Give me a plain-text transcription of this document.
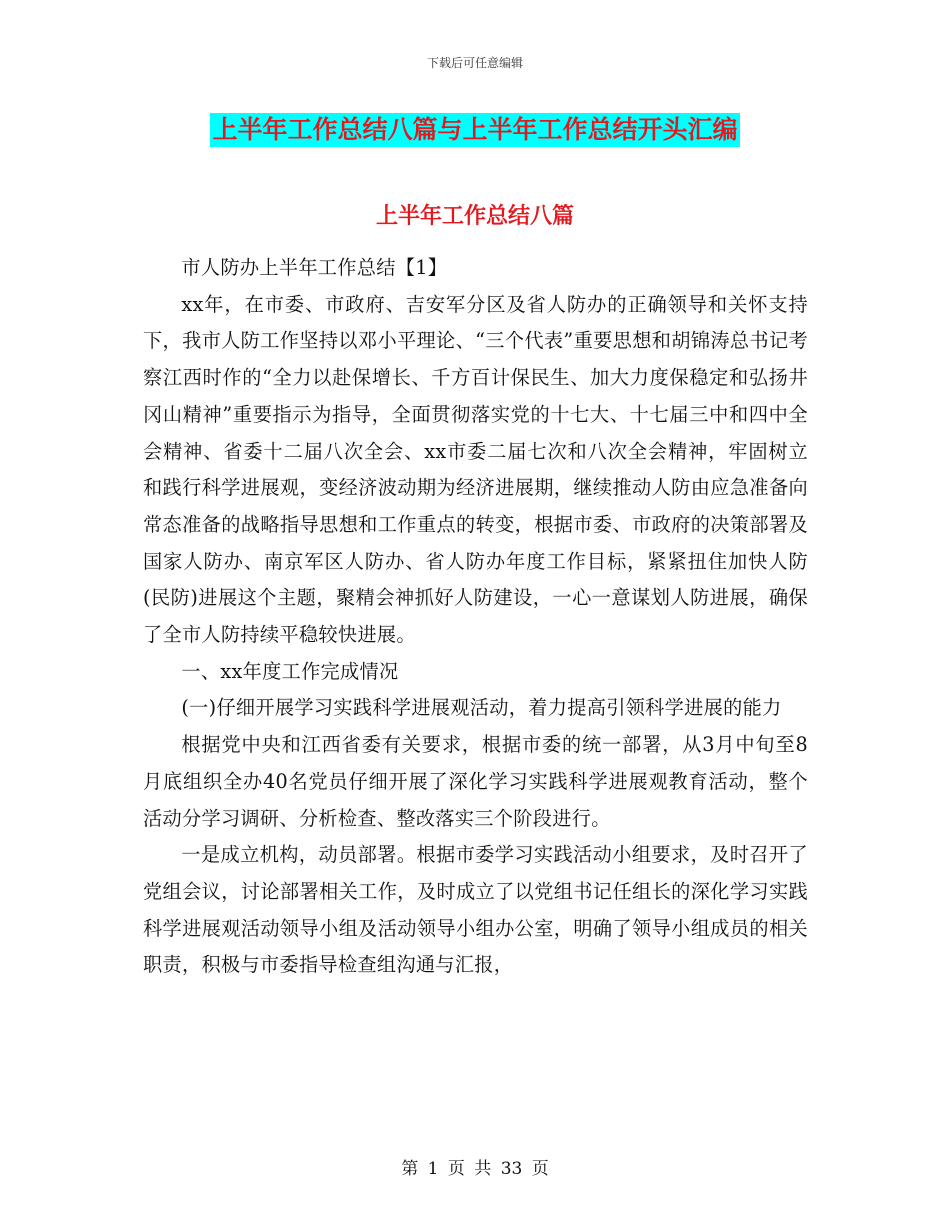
下载后可任意编辑
上半年工作总结八篇与上半年工作总结开头汇编
上半年工作总结八篇

市人防办上半年工作总结【1】

xx年，在市委、市政府、吉安军分区及省人防办的正确领导和关怀支持下，我市人防工作坚持以邓小平理论、“三个代表”重要思想和胡锦涛总书记考察江西时作的“全力以赴保增长、千方百计保民生、加大力度保稳定和弘扬井冈山精神”重要指示为指导，全面贯彻落实党的十七大、十七届三中和四中全会精神、省委十二届八次全会、xx市委二届七次和八次全会精神，牢固树立和践行科学进展观，变经济波动期为经济进展期，继续推动人防由应急准备向常态准备的战略指导思想和工作重点的转变，根据市委、市政府的决策部署及国家人防办、南京军区人防办、省人防办年度工作目标，紧紧扭住加快人防(民防)进展这个主题，聚精会神抓好人防建设，一心一意谋划人防进展，确保了全市人防持续平稳较快进展。

一、xx年度工作完成情况

(一)仔细开展学习实践科学进展观活动，着力提高引领科学进展的能力

根据党中央和江西省委有关要求，根据市委的统一部署，从3月中旬至8月底组织全办40名党员仔细开展了深化学习实践科学进展观教育活动，整个活动分学习调研、分析检查、整改落实三个阶段进行。

一是成立机构，动员部署。根据市委学习实践活动小组要求，及时召开了党组会议，讨论部署相关工作，及时成立了以党组书记任组长的深化学习实践科学进展观活动领导小组及活动领导小组办公室，明确了领导小组成员的相关职责，积极与市委指导检查组沟通与汇报，

第 1 页 共 33 页
